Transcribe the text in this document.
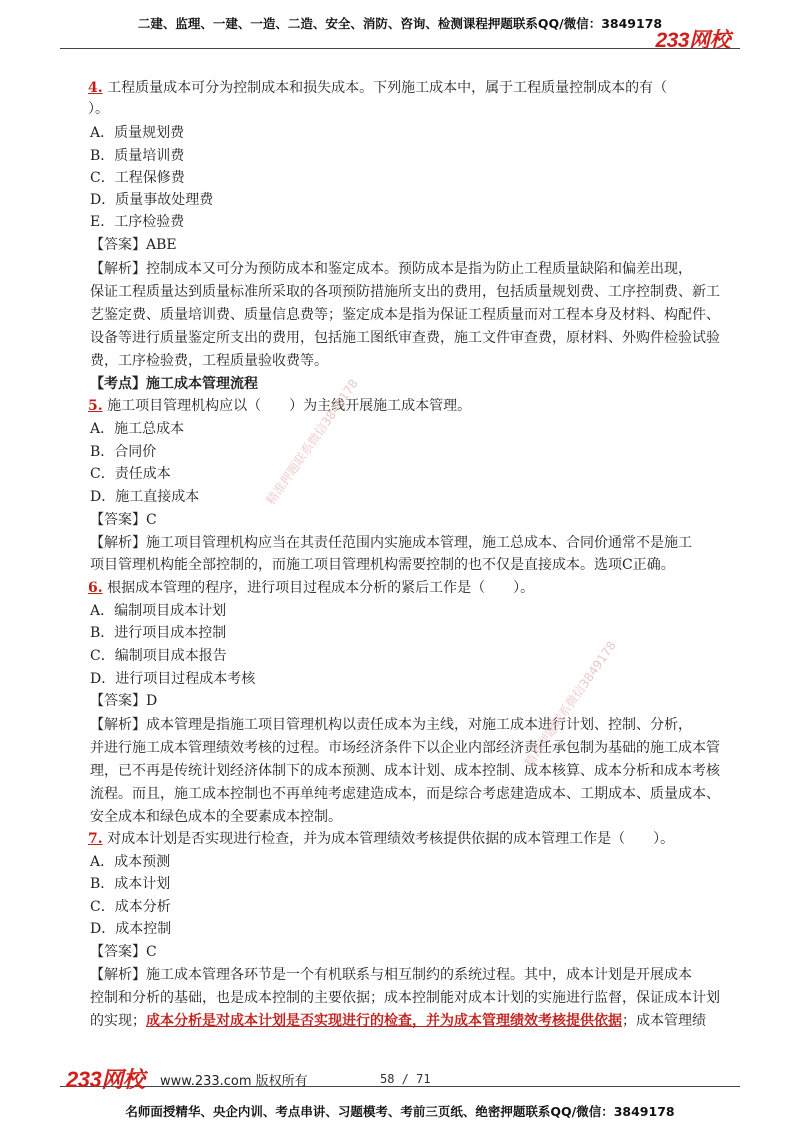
二建、监理、一建、一造、二造、安全、消防、咨询、检测课程押题联系QQ/微信：3849178
233网校
4. 工程质量成本可分为控制成本和损失成本。下列施工成本中，属于工程质量控制成本的有（
）。
A．质量规划费
B．质量培训费
C．工程保修费
D．质量事故处理费
E．工序检验费
【答案】ABE
【解析】控制成本又可分为预防成本和鉴定成本。预防成本是指为防止工程质量缺陷和偏差出现，
保证工程质量达到质量标准所采取的各项预防措施所支出的费用，包括质量规划费、工序控制费、新工
艺鉴定费、质量培训费、质量信息费等；鉴定成本是指为保证工程质量而对工程本身及材料、构配件、
设备等进行质量鉴定所支出的费用，包括施工图纸审查费，施工文件审查费，原材料、外购件检验试验
费，工序检验费，工程质量验收费等。
【考点】施工成本管理流程
5. 施工项目管理机构应以（　　）为主线开展施工成本管理。
A．施工总成本
B．合同价
C．责任成本
D．施工直接成本
【答案】C
【解析】施工项目管理机构应当在其责任范围内实施成本管理，施工总成本、合同价通常不是施工
项目管理机构能全部控制的，而施工项目管理机构需要控制的也不仅是直接成本。选项C正确。
6. 根据成本管理的程序，进行项目过程成本分析的紧后工作是（　　）。
A．编制项目成本计划
B．进行项目成本控制
C．编制项目成本报告
D．进行项目过程成本考核
【答案】D
【解析】成本管理是指施工项目管理机构以责任成本为主线，对施工成本进行计划、控制、分析，
并进行施工成本管理绩效考核的过程。市场经济条件下以企业内部经济责任承包制为基础的施工成本管
理，已不再是传统计划经济体制下的成本预测、成本计划、成本控制、成本核算、成本分析和成本考核
流程。而且，施工成本控制也不再单纯考虑建造成本，而是综合考虑建造成本、工期成本、质量成本、
安全成本和绿色成本的全要素成本控制。
7. 对成本计划是否实现进行检查，并为成本管理绩效考核提供依据的成本管理工作是（　　）。
A．成本预测
B．成本计划
C．成本分析
D．成本控制
【答案】C
【解析】施工成本管理各环节是一个有机联系与相互制约的系统过程。其中，成本计划是开展成本
控制和分析的基础，也是成本控制的主要依据；成本控制能对成本计划的实施进行监督，保证成本计划
的实现；成本分析是对成本计划是否实现进行的检查，并为成本管理绩效考核提供依据；成本管理绩
精准押题联系微信3849178
精准押题联系微信3849178
233网校 www.233.com 版权所有	58 / 71
名师面授精华、央企内训、考点串讲、习题模考、考前三页纸、绝密押题联系QQ/微信：3849178
